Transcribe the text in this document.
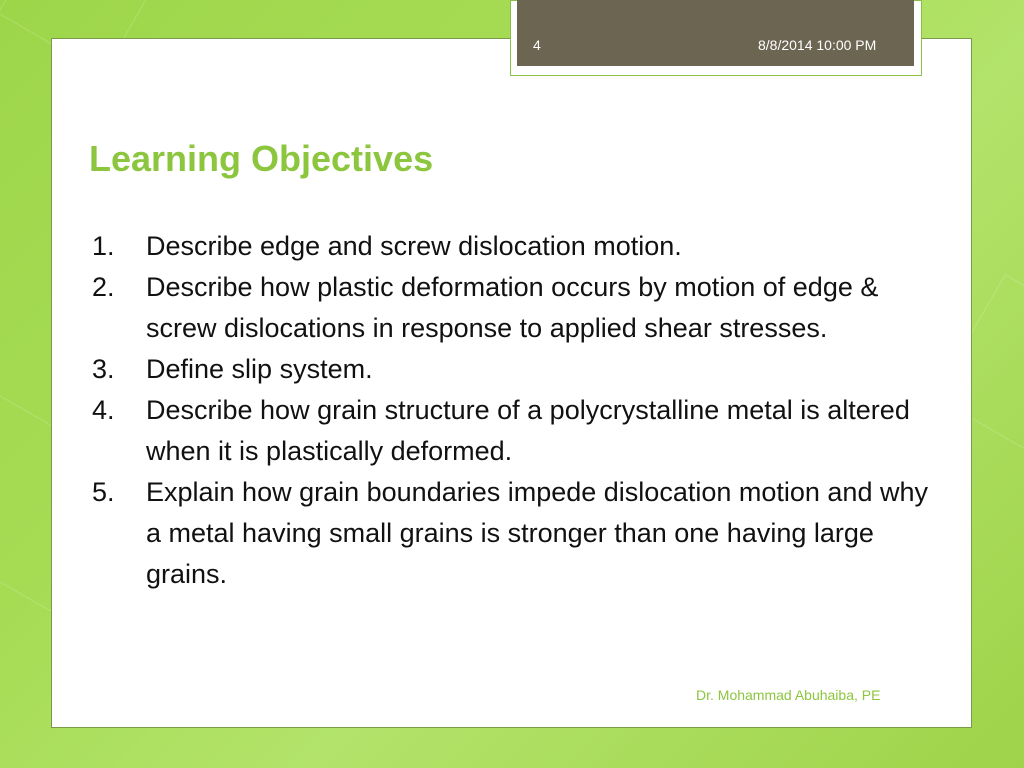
4	8/8/2014 10:00 PM
Learning Objectives
1. Describe edge and screw dislocation motion.
2. Describe how plastic deformation occurs by motion of edge & screw dislocations in response to applied shear stresses.
3. Define slip system.
4. Describe how grain structure of a polycrystalline metal is altered when it is plastically deformed.
5. Explain how grain boundaries impede dislocation motion and why a metal having small grains is stronger than one having large grains.
Dr. Mohammad Abuhaiba, PE
